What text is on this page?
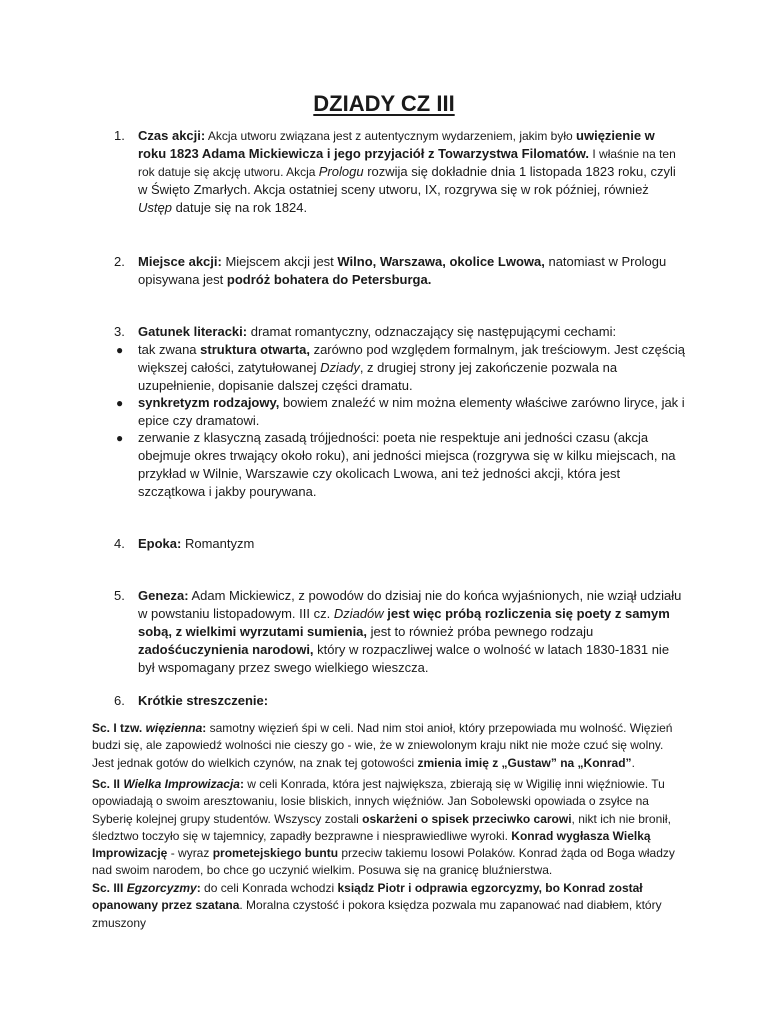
DZIADY CZ III
1. Czas akcji: Akcja utworu związana jest z autentycznym wydarzeniem, jakim było uwięzienie w roku 1823 Adama Mickiewicza i jego przyjaciół z Towarzystwa Filomatów. I właśnie na ten rok datuje się akcję utworu. Akcja Prologu rozwija się dokładnie dnia 1 listopada 1823 roku, czyli w Święto Zmarłych. Akcja ostatniej sceny utworu, IX, rozgrywa się w rok później, również Ustęp datuje się na rok 1824.
2. Miejsce akcji: Miejscem akcji jest Wilno, Warszawa, okolice Lwowa, natomiast w Prologu opisywana jest podróż bohatera do Petersburga.
3. Gatunek literacki: dramat romantyczny, odznaczający się następującymi cechami:
● tak zwana struktura otwarta, zarówno pod względem formalnym, jak treściowym. Jest częścią większej całości, zatytułowanej Dziady, z drugiej strony jej zakończenie pozwala na uzupełnienie, dopisanie dalszej części dramatu.
● synkretyzm rodzajowy, bowiem znaleźć w nim można elementy właściwe zarówno liryce, jak i epice czy dramatowi.
● zerwanie z klasyczną zasadą trójjedności: poeta nie respektuje ani jedności czasu (akcja obejmuje okres trwający około roku), ani jedności miejsca (rozgrywa się w kilku miejscach, na przykład w Wilnie, Warszawie czy okolicach Lwowa, ani też jedności akcji, która jest szczątkowa i jakby pourywana.
4. Epoka: Romantyzm
5. Geneza: Adam Mickiewicz, z powodów do dzisiaj nie do końca wyjaśnionych, nie wziął udziału w powstaniu listopadowym. III cz. Dziadów jest więc próbą rozliczenia się poety z samym sobą, z wielkimi wyrzutami sumienia, jest to również próba pewnego rodzaju zadośćuczynienia narodowi, który w rozpaczliwej walce o wolność w latach 1830-1831 nie był wspomagany przez swego wielkiego wieszcza.
6. Krótkie streszczenie:
Sc. I tzw. więzienna: samotny więzień śpi w celi. Nad nim stoi anioł, który przepowiada mu wolność. Więzień budzi się, ale zapowiedź wolności nie cieszy go - wie, że w zniewolonym kraju nikt nie może czuć się wolny. Jest jednak gotów do wielkich czynów, na znak tej gotowości zmienia imię z „Gustaw” na „Konrad”.
Sc. II Wielka Improwizacja: w celi Konrada, która jest największa, zbierają się w Wigilię inni więźniowie. Tu opowiadają o swoim aresztowaniu, losie bliskich, innych więźniów. Jan Sobolewski opowiada o zsyłce na Syberię kolejnej grupy studentów. Wszyscy zostali oskarżeni o spisek przeciwko carowi, nikt ich nie bronił, śledztwo toczyło się w tajemnicy, zapadły bezprawne i niesprawiedliwe wyroki. Konrad wygłasza Wielką Improwizację - wyraz prometejskiego buntu przeciw takiemu losowi Polaków. Konrad żąda od Boga władzy nad swoim narodem, bo chce go uczynić wielkim. Posuwa się na granicę bluźnierstwa.
Sc. III Egzorcyzmy: do celi Konrada wchodzi ksiądz Piotr i odprawia egzorcyzmy, bo Konrad został opanowany przez szatana. Moralna czystość i pokora księdza pozwala mu zapanować nad diabłem, który zmuszony
